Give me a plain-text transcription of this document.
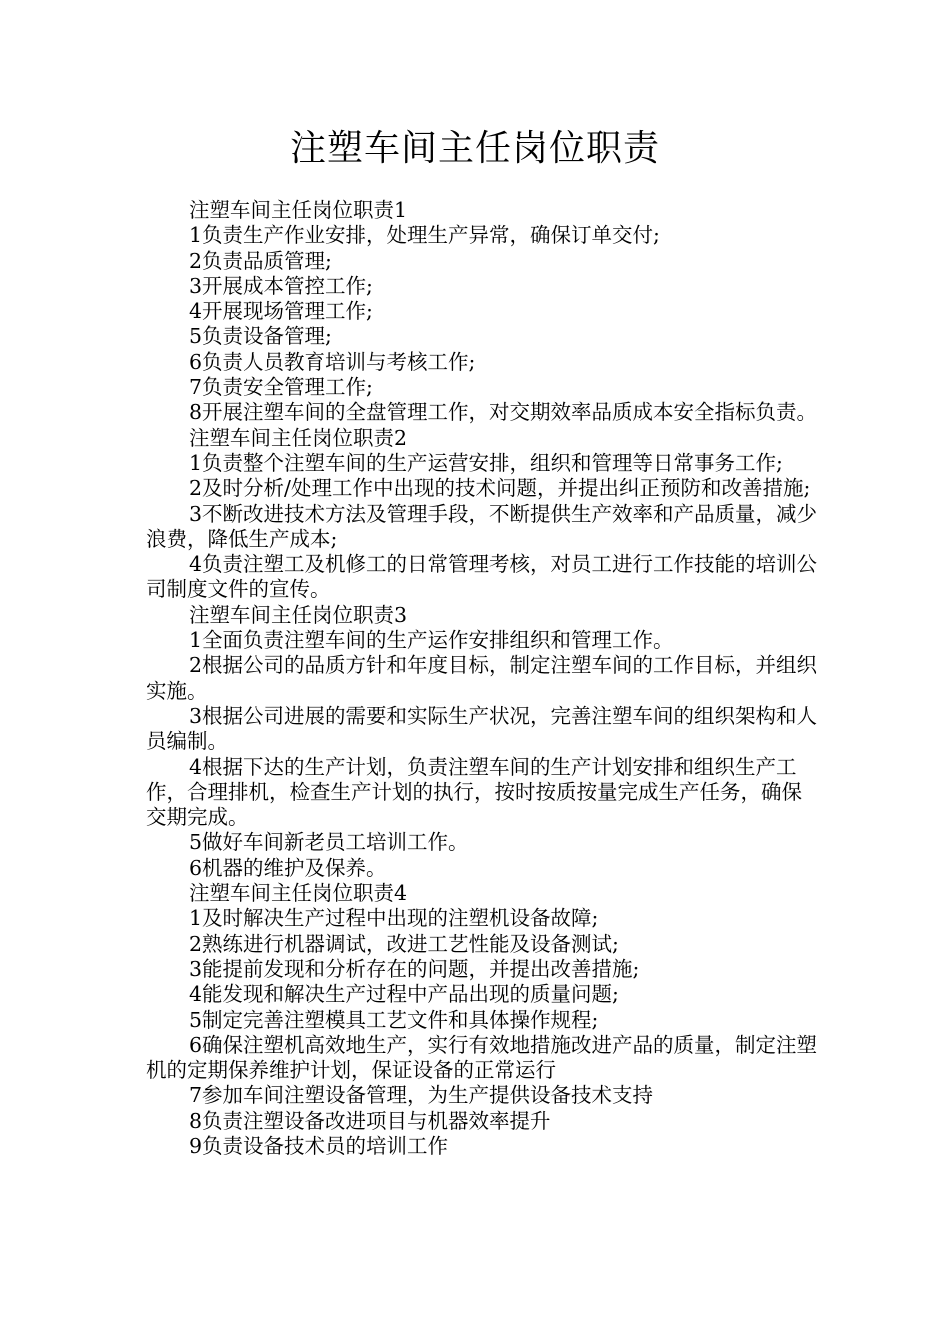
注塑车间主任岗位职责

注塑车间主任岗位职责1

1负责生产作业安排，处理生产异常，确保订单交付;

2负责品质管理;

3开展成本管控工作;

4开展现场管理工作;

5负责设备管理;

6负责人员教育培训与考核工作;

7负责安全管理工作;

8开展注塑车间的全盘管理工作，对交期效率品质成本安全指标负责。

注塑车间主任岗位职责2

1负责整个注塑车间的生产运营安排，组织和管理等日常事务工作;

2及时分析/处理工作中出现的技术问题，并提出纠正预防和改善措施;

3不断改进技术方法及管理手段，不断提供生产效率和产品质量，减少浪费，降低生产成本;

4负责注塑工及机修工的日常管理考核，对员工进行工作技能的培训公司制度文件的宣传。

注塑车间主任岗位职责3

1全面负责注塑车间的生产运作安排组织和管理工作。

2根据公司的品质方针和年度目标，制定注塑车间的工作目标，并组织实施。

3根据公司进展的需要和实际生产状况，完善注塑车间的组织架构和人员编制。

4根据下达的生产计划，负责注塑车间的生产计划安排和组织生产工作，合理排机，检查生产计划的执行，按时按质按量完成生产任务，确保交期完成。

5做好车间新老员工培训工作。

6机器的维护及保养。

注塑车间主任岗位职责4

1及时解决生产过程中出现的注塑机设备故障;

2熟练进行机器调试，改进工艺性能及设备测试;

3能提前发现和分析存在的问题，并提出改善措施;

4能发现和解决生产过程中产品出现的质量问题;

5制定完善注塑模具工艺文件和具体操作规程;

6确保注塑机高效地生产，实行有效地措施改进产品的质量，制定注塑机的定期保养维护计划，保证设备的正常运行

7参加车间注塑设备管理，为生产提供设备技术支持

8负责注塑设备改进项目与机器效率提升

9负责设备技术员的培训工作
